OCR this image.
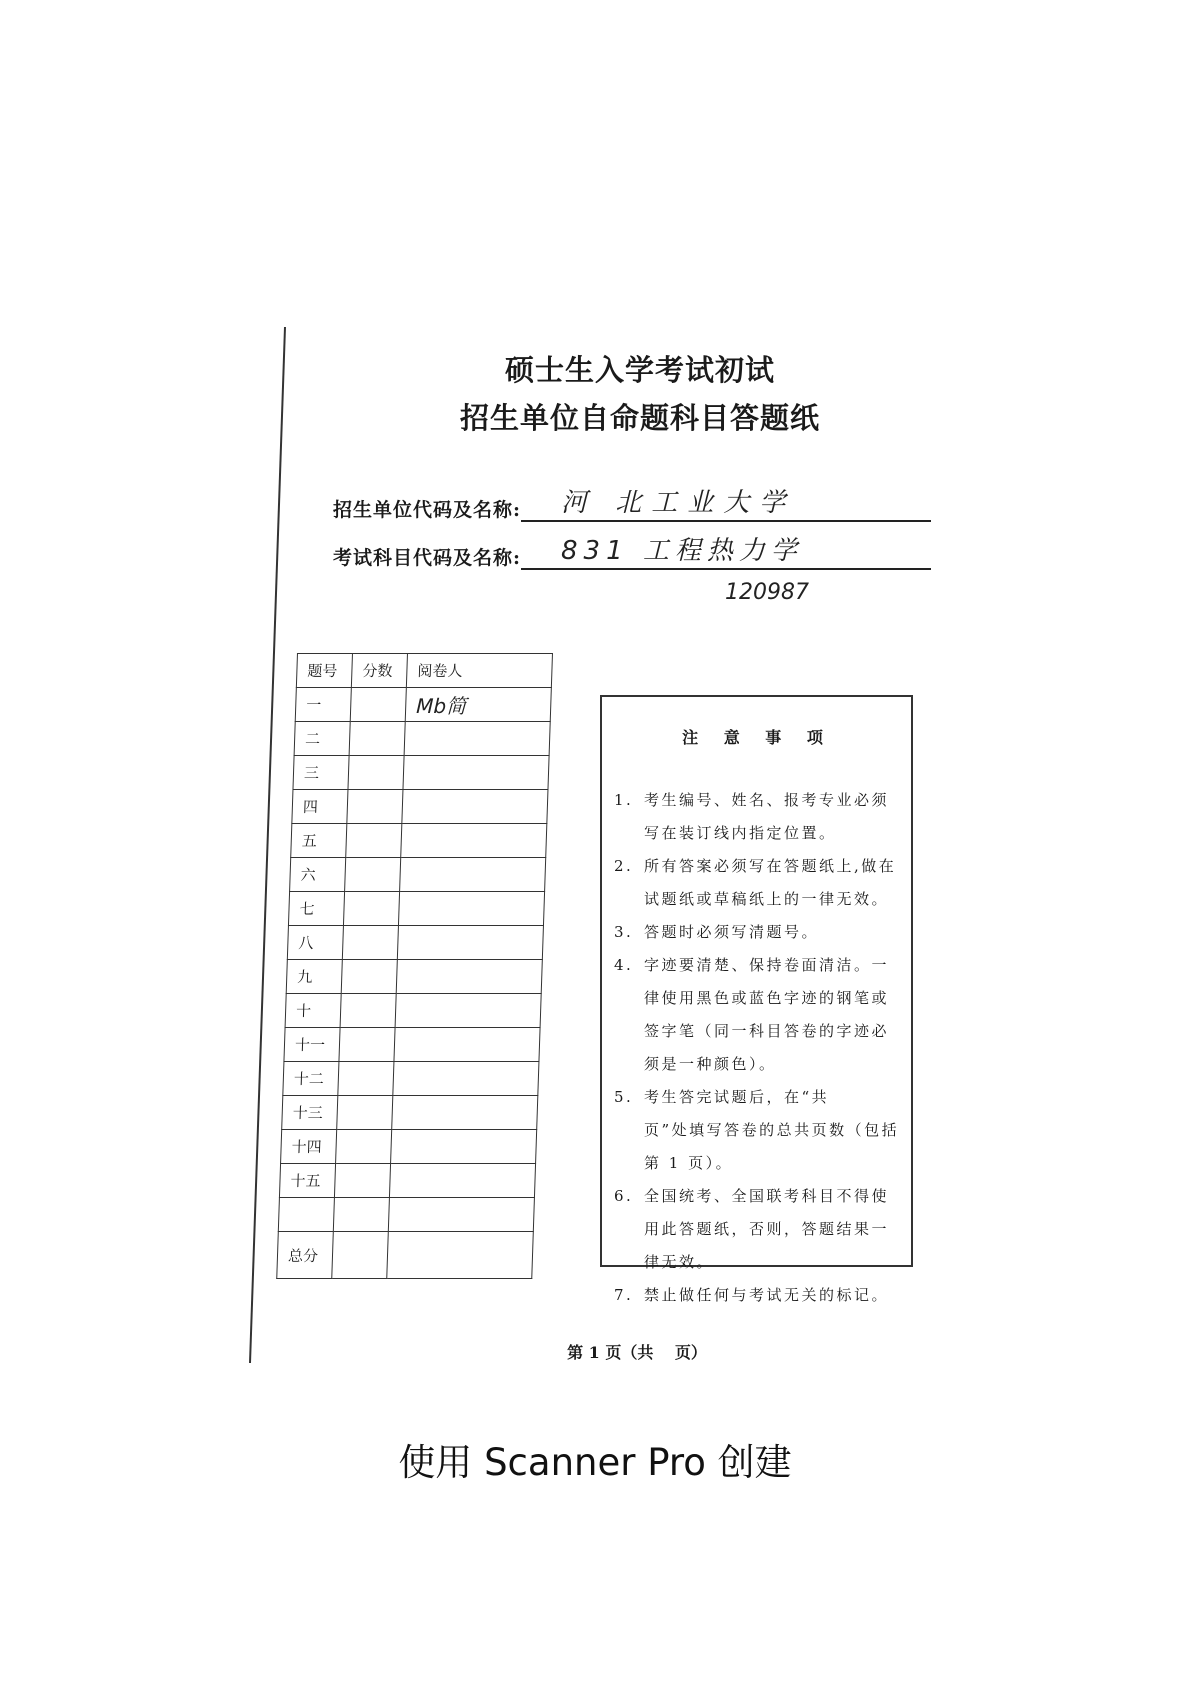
硕士生入学考试初试
招生单位自命题科目答题纸
招生单位代码及名称:	河 北工业大学
考试科目代码及名称:	831 工程热力学
120987
题号	分数	阅卷人
一		Mb简
二		
三		
四		
五		
六		
七		
八		
九		
十		
十一		
十二		
十三		
十四		
十五		

总分		
注 意 事 项
1. 考生编号、姓名、报考专业必须写在装订线内指定位置。
2. 所有答案必须写在答题纸上,做在试题纸或草稿纸上的一律无效。
3. 答题时必须写清题号。
4. 字迹要清楚、保持卷面清洁。一律使用黑色或蓝色字迹的钢笔或签字笔（同一科目答卷的字迹必须是一种颜色）。
5. 考生答完试题后，在“共　　页”处填写答卷的总共页数（包括第 1 页）。
6. 全国统考、全国联考科目不得使用此答题纸，否则，答题结果一律无效。
7. 禁止做任何与考试无关的标记。
第 1 页（共　 页）
使用 Scanner Pro 创建
